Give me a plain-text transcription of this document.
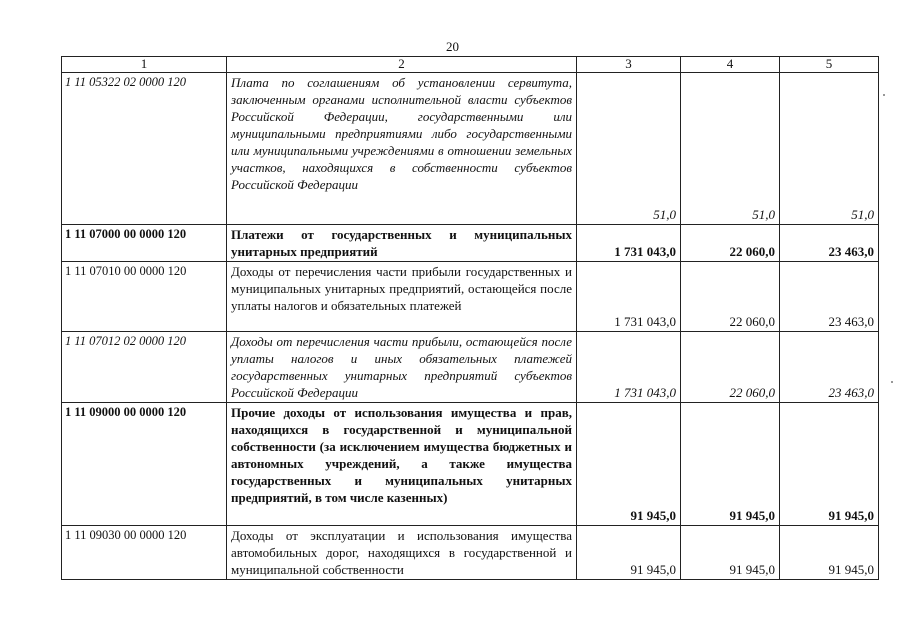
20
1	2	3	4	5
1 11 05322 02 0000 120	Плата по соглашениям об установлении сервитута, заключенным органами исполнительной власти субъектов Российской Федерации, государственными или муниципальными предприятиями либо государственными или муниципальными учреждениями в отношении земельных участков, находящихся в собственности субъектов Российской Федерации	51,0	51,0	51,0
1 11 07000 00 0000 120	Платежи от государственных и муниципальных унитарных предприятий	1 731 043,0	22 060,0	23 463,0
1 11 07010 00 0000 120	Доходы от перечисления части прибыли государственных и муниципальных унитарных предприятий, остающейся после уплаты налогов и обязательных платежей	1 731 043,0	22 060,0	23 463,0
1 11 07012 02 0000 120	Доходы от перечисления части прибыли, остающейся после уплаты налогов и иных обязательных платежей государственных унитарных предприятий субъектов Российской Федерации	1 731 043,0	22 060,0	23 463,0
1 11 09000 00 0000 120	Прочие доходы от использования имущества и прав, находящихся в государственной и муниципальной собственности (за исключением имущества бюджетных и автономных учреждений, а также имущества государственных и муниципальных унитарных предприятий, в том числе казенных)	91 945,0	91 945,0	91 945,0
1 11 09030 00 0000 120	Доходы от эксплуатации и использования имущества автомобильных дорог, находящихся в государственной и муниципальной собственности	91 945,0	91 945,0	91 945,0
